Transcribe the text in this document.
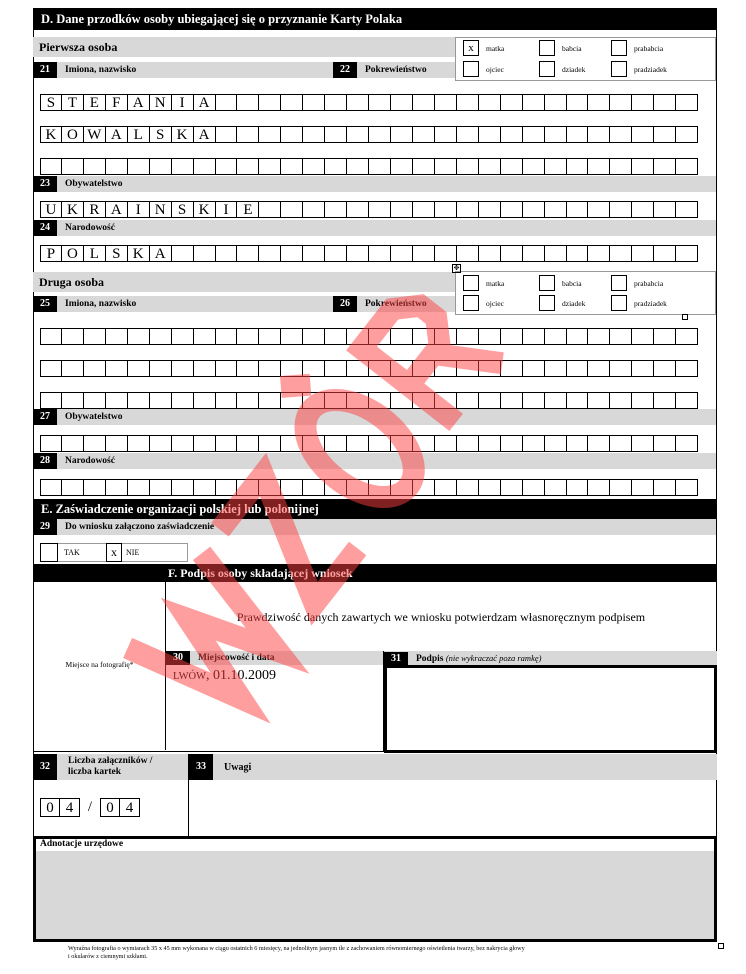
D. Dane przodków osoby ubiegającej się o przyznanie Karty Polaka
Pierwsza osoba
21 Imiona, nazwisko	22 Pokrewieństwo
x	matka	babcia	prababcia
ojciec	dziadek	pradziadek
S T E F A N I A
K O W A L S K A
23 Obywatelstwo
U K R A I N S K I E
24 Narodowość
P O L S K A
Druga osoba
25 Imiona, nazwisko	26 Pokrewieństwo
matka	babcia	prababcia
ojciec	dziadek	pradziadek
27 Obywatelstwo
28 Narodowość
E. Zaświadczenie organizacji polskiej lub polonijnej
29 Do wniosku załączono zaświadczenie
TAK	x	NIE
F. Podpis osoby składającej wniosek
Miejsce na fotografię*
Prawdziwość danych zawartych we wniosku potwierdzam własnoręcznym podpisem
30 Miejscowość i data	31 Podpis (nie wykraczać poza ramkę)
LWÓW, 01.10.2009
32	Liczba załączników /
liczba kartek	33	Uwagi
0 4 / 0 4
Adnotacje urzędowe
✥
Wyraźna fotografia o wymiarach 35 x 45 mm wykonana w ciągu ostatnich 6 miesięcy, na jednolitym jasnym tle z zachowaniem równomiernego oświetlenia twarzy, bez nakrycia głowy
i okularów z ciemnymi szkłami.
